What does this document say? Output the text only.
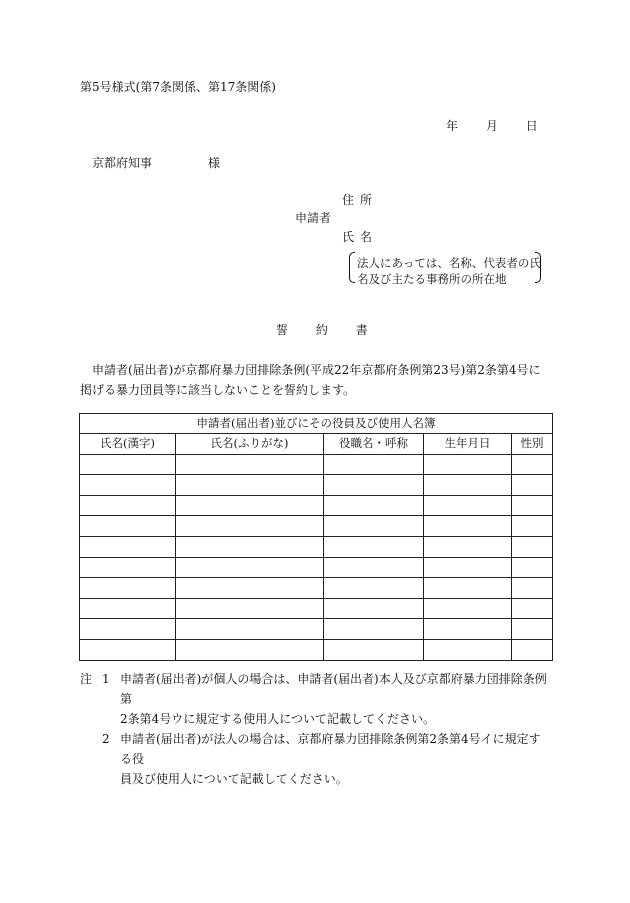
第5号様式(第7条関係、第17条関係)
年 月 日
京都府知事	様
住所
申請者
氏名
法人にあっては、名称、代表者の氏
名及び主たる事務所の所在地
誓 約 書
申請者(届出者)が京都府暴力団排除条例(平成22年京都府条例第23号)第2条第4号に掲げる暴力団員等に該当しないことを誓約します。
申請者(届出者)並びにその役員及び使用人名簿				
氏名(漢字)	氏名(ふりがな)	役職名・呼称	生年月日	性別

注 1 申請者(届出者)が個人の場合は、申請者(届出者)本人及び京都府暴力団排除条例第
2条第4号ウに規定する使用人について記載してください。
2 申請者(届出者)が法人の場合は、京都府暴力団排除条例第2条第4号イに規定する役
員及び使用人について記載してください。
